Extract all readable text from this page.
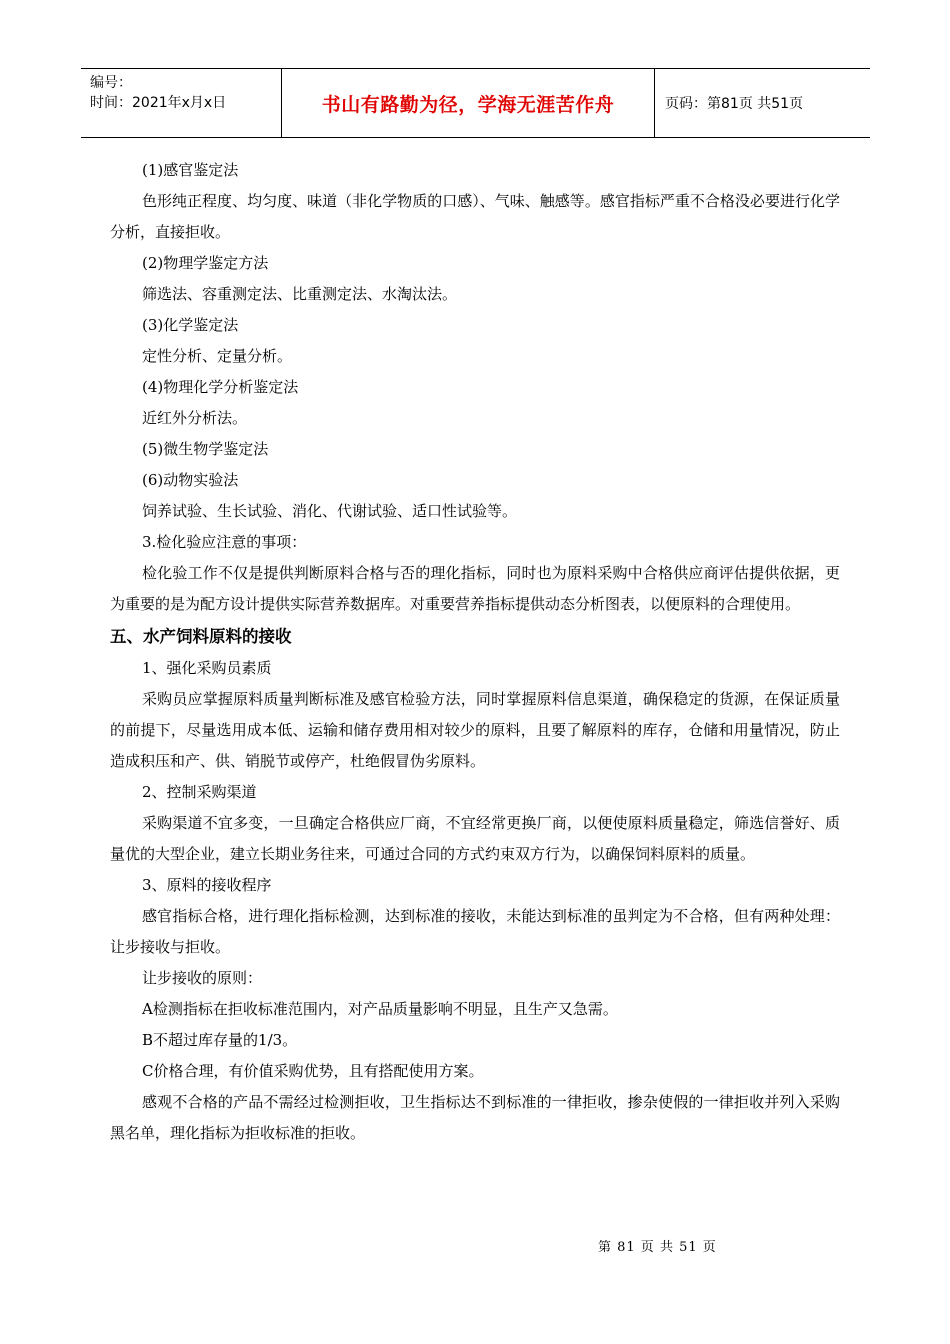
编号：
时间：2021年x月x日	书山有路勤为径，学海无涯苦作舟	页码：第81页 共51页

(1)感官鉴定法

色形纯正程度、均匀度、味道（非化学物质的口感）、气味、触感等。感官指标严重不合格没必要进行化学分析，直接拒收。

(2)物理学鉴定方法

筛选法、容重测定法、比重测定法、水淘汰法。

(3)化学鉴定法

定性分析、定量分析。

(4)物理化学分析鉴定法

近红外分析法。

(5)微生物学鉴定法

(6)动物实验法

饲养试验、生长试验、消化、代谢试验、适口性试验等。

3.检化验应注意的事项：

检化验工作不仅是提供判断原料合格与否的理化指标，同时也为原料采购中合格供应商评估提供依据，更为重要的是为配方设计提供实际营养数据库。对重要营养指标提供动态分析图表，以便原料的合理使用。

五、水产饲料原料的接收

1、强化采购员素质

采购员应掌握原料质量判断标准及感官检验方法，同时掌握原料信息渠道，确保稳定的货源，在保证质量的前提下，尽量选用成本低、运输和储存费用相对较少的原料，且要了解原料的库存，仓储和用量情况，防止造成积压和产、供、销脱节或停产，杜绝假冒伪劣原料。

2、控制采购渠道

采购渠道不宜多变，一旦确定合格供应厂商，不宜经常更换厂商，以便使原料质量稳定，筛选信誉好、质量优的大型企业，建立长期业务往来，可通过合同的方式约束双方行为，以确保饲料原料的质量。

3、原料的接收程序

感官指标合格，进行理化指标检测，达到标准的接收，未能达到标准的虽判定为不合格，但有两种处理：让步接收与拒收。

让步接收的原则：

A检测指标在拒收标准范围内，对产品质量影响不明显，且生产又急需。

B不超过库存量的1/3。

C价格合理，有价值采购优势，且有搭配使用方案。

感观不合格的产品不需经过检测拒收，卫生指标达不到标准的一律拒收，掺杂使假的一律拒收并列入采购黑名单，理化指标为拒收标准的拒收。

第 81 页 共 51 页
